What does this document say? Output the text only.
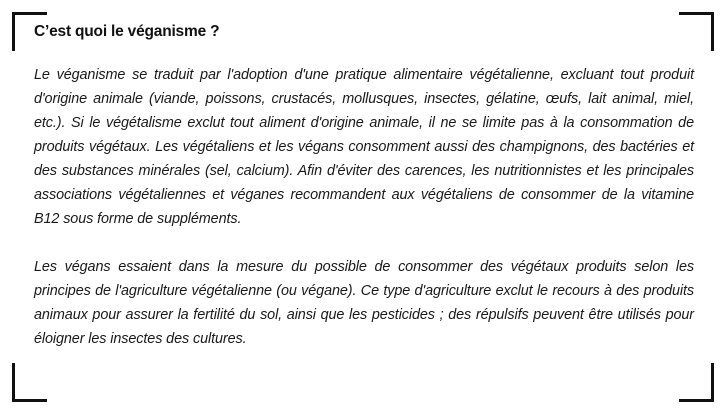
C’est quoi le véganisme ?

Le véganisme se traduit par l'adoption d'une pratique alimentaire végétalienne, excluant tout produit d'origine animale (viande, poissons, crustacés, mollusques, insectes, gélatine, œufs, lait animal, miel, etc.). Si le végétalisme exclut tout aliment d'origine animale, il ne se limite pas à la consommation de produits végétaux. Les végétaliens et les végans consomment aussi des champignons, des bactéries et des substances minérales (sel, calcium). Afin d'éviter des carences, les nutritionnistes et les principales associations végétaliennes et véganes recommandent aux végétaliens de consommer de la vitamine B12 sous forme de suppléments.

Les végans essaient dans la mesure du possible de consommer des végétaux produits selon les principes de l'agriculture végétalienne (ou végane). Ce type d'agriculture exclut le recours à des produits animaux pour assurer la fertilité du sol, ainsi que les pesticides ; des répulsifs peuvent être utilisés pour éloigner les insectes des cultures.
